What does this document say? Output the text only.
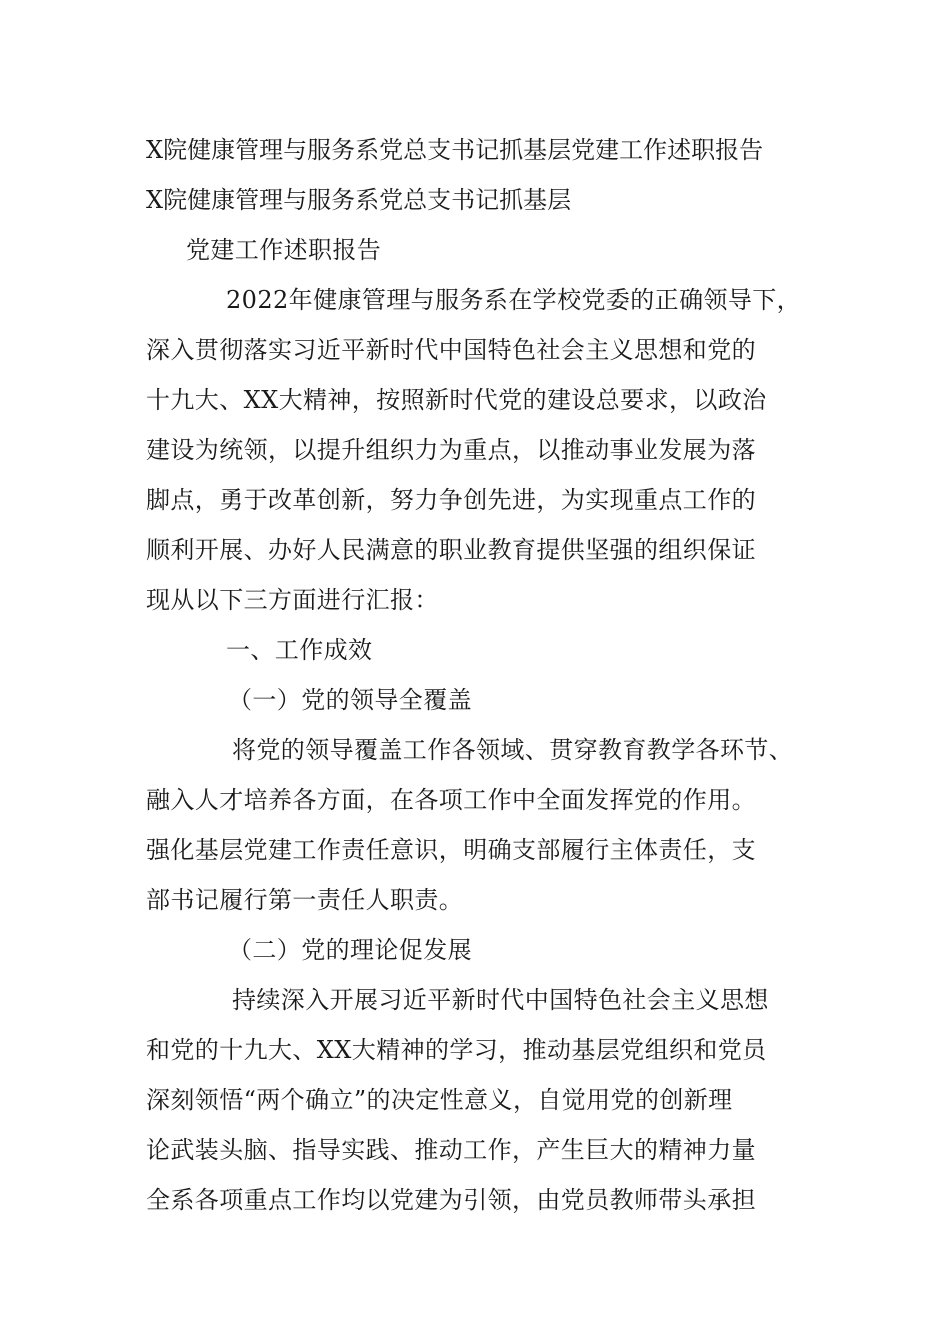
X院健康管理与服务系党总支书记抓基层党建工作述职报告
X院健康管理与服务系党总支书记抓基层
党建工作述职报告
2022年健康管理与服务系在学校党委的正确领导下，
深入贯彻落实习近平新时代中国特色社会主义思想和党的
十九大、XX大精神，按照新时代党的建设总要求，以政治
建设为统领，以提升组织力为重点，以推动事业发展为落
脚点，勇于改革创新，努力争创先进，为实现重点工作的
顺利开展、办好人民满意的职业教育提供坚强的组织保证
现从以下三方面进行汇报：
一、工作成效
（一）党的领导全覆盖
将党的领导覆盖工作各领域、贯穿教育教学各环节、
融入人才培养各方面，在各项工作中全面发挥党的作用。
强化基层党建工作责任意识，明确支部履行主体责任，支
部书记履行第一责任人职责。
（二）党的理论促发展
持续深入开展习近平新时代中国特色社会主义思想
和党的十九大、XX大精神的学习，推动基层党组织和党员
深刻领悟“两个确立”的决定性意义，自觉用党的创新理
论武装头脑、指导实践、推动工作，产生巨大的精神力量
全系各项重点工作均以党建为引领，由党员教师带头承担
